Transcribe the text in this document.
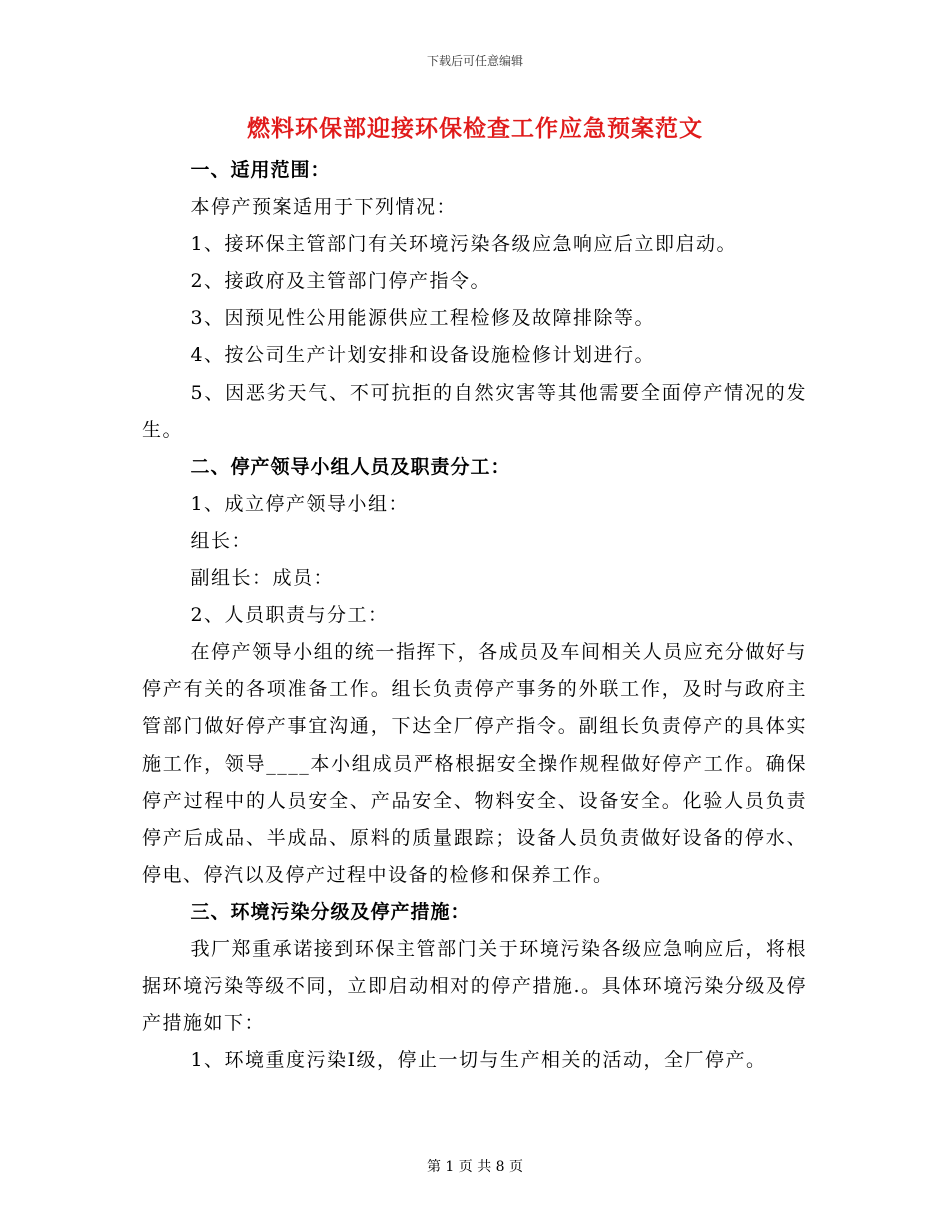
下载后可任意编辑
燃料环保部迎接环保检查工作应急预案范文

一、适用范围：

本停产预案适用于下列情况：

1、接环保主管部门有关环境污染各级应急响应后立即启动。

2、接政府及主管部门停产指令。

3、因预见性公用能源供应工程检修及故障排除等。

4、按公司生产计划安排和设备设施检修计划进行。

5、因恶劣天气、不可抗拒的自然灾害等其他需要全面停产情况的发生。

二、停产领导小组人员及职责分工：

1、成立停产领导小组：

组长：

副组长：成员：

2、人员职责与分工：

在停产领导小组的统一指挥下，各成员及车间相关人员应充分做好与停产有关的各项准备工作。组长负责停产事务的外联工作，及时与政府主管部门做好停产事宜沟通，下达全厂停产指令。副组长负责停产的具体实施工作，领导____本小组成员严格根据安全操作规程做好停产工作。确保停产过程中的人员安全、产品安全、物料安全、设备安全。化验人员负责停产后成品、半成品、原料的质量跟踪；设备人员负责做好设备的停水、停电、停汽以及停产过程中设备的检修和保养工作。

三、环境污染分级及停产措施：

我厂郑重承诺接到环保主管部门关于环境污染各级应急响应后，将根据环境污染等级不同，立即启动相对的停产措施.。具体环境污染分级及停产措施如下：

1、环境重度污染Ⅰ级，停止一切与生产相关的活动，全厂停产。

第 1 页 共 8 页
